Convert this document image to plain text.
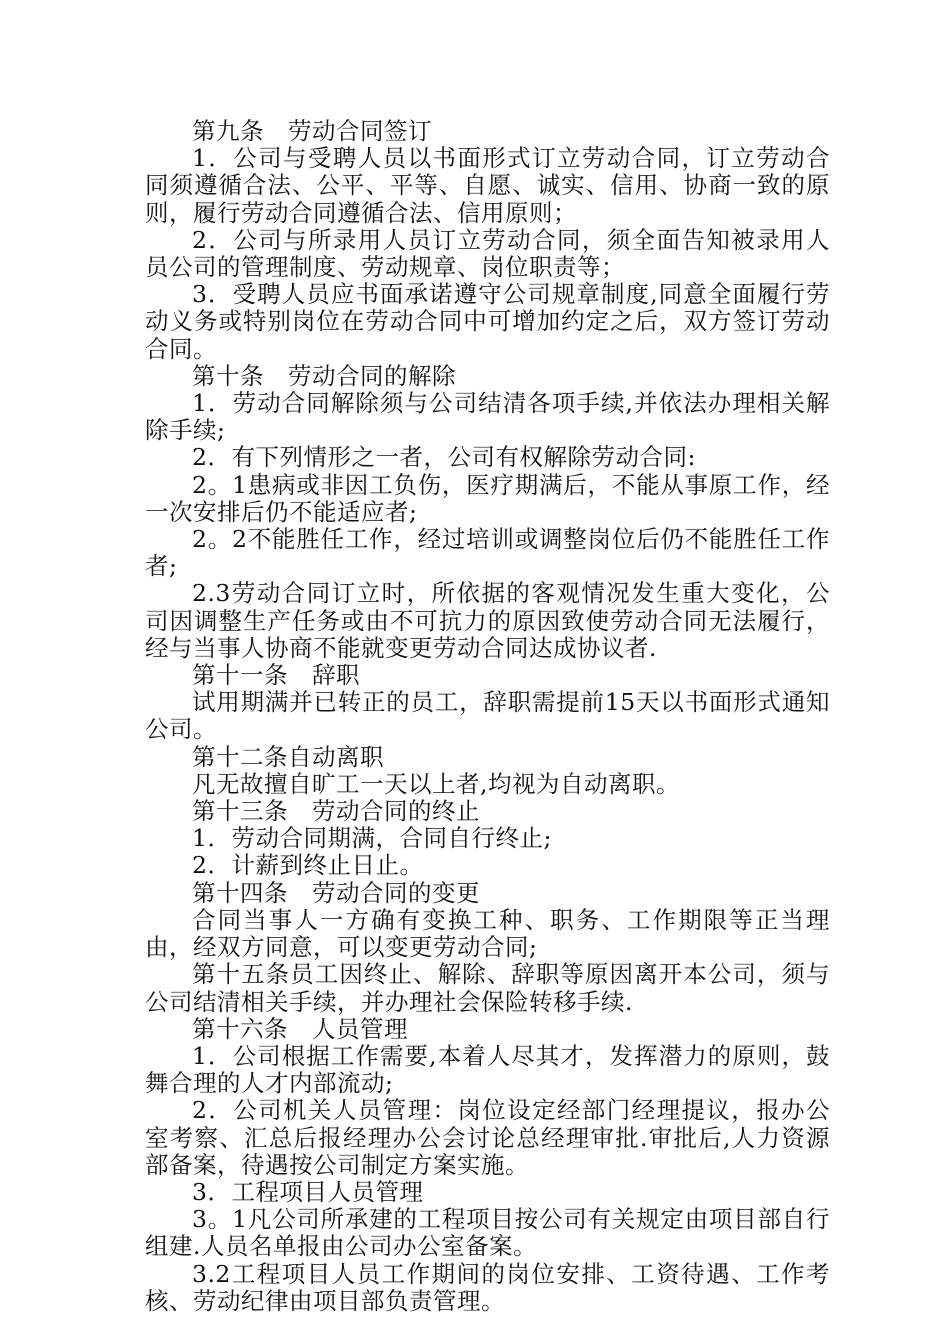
第九条　劳动合同签订

1．公司与受聘人员以书面形式订立劳动合同，订立劳动合同须遵循合法、公平、平等、自愿、诚实、信用、协商一致的原则，履行劳动合同遵循合法、信用原则；

2．公司与所录用人员订立劳动合同，须全面告知被录用人员公司的管理制度、劳动规章、岗位职责等；

3．受聘人员应书面承诺遵守公司规章制度,同意全面履行劳动义务或特别岗位在劳动合同中可增加约定之后，双方签订劳动合同。

第十条　劳动合同的解除

1．劳动合同解除须与公司结清各项手续,并依法办理相关解除手续;

2．有下列情形之一者，公司有权解除劳动合同:

2。1患病或非因工负伤，医疗期满后，不能从事原工作，经一次安排后仍不能适应者;

2。2不能胜任工作，经过培训或调整岗位后仍不能胜任工作者;

2.3劳动合同订立时，所依据的客观情况发生重大变化，公司因调整生产任务或由不可抗力的原因致使劳动合同无法履行，经与当事人协商不能就变更劳动合同达成协议者.

第十一条　辞职

试用期满并已转正的员工，辞职需提前15天以书面形式通知公司。

第十二条自动离职

凡无故擅自旷工一天以上者,均视为自动离职。

第十三条　劳动合同的终止

1．劳动合同期满，合同自行终止;

2．计薪到终止日止。

第十四条　劳动合同的变更

合同当事人一方确有变换工种、职务、工作期限等正当理由，经双方同意，可以变更劳动合同;

第十五条员工因终止、解除、辞职等原因离开本公司，须与公司结清相关手续，并办理社会保险转移手续.

第十六条　人员管理

1．公司根据工作需要,本着人尽其才，发挥潜力的原则，鼓舞合理的人才内部流动;

2．公司机关人员管理：岗位设定经部门经理提议，报办公室考察、汇总后报经理办公会讨论总经理审批.审批后,人力资源部备案，待遇按公司制定方案实施。

3．工程项目人员管理

3。1凡公司所承建的工程项目按公司有关规定由项目部自行组建.人员名单报由公司办公室备案。

3.2工程项目人员工作期间的岗位安排、工资待遇、工作考核、劳动纪律由项目部负责管理。
